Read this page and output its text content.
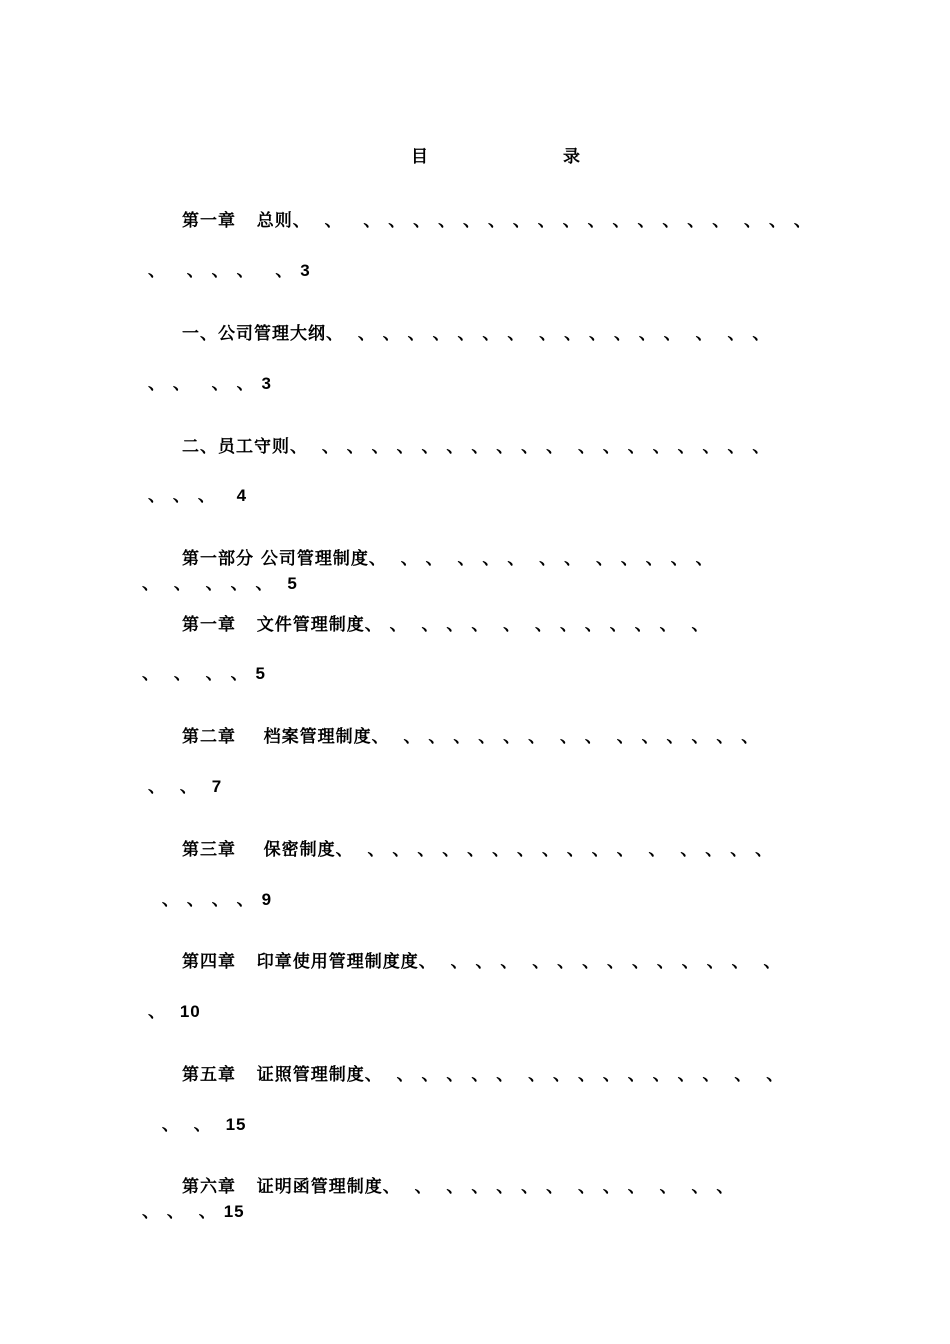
目	录
第一章   总则、  、   、 、 、 、 、 、 、 、 、 、 、 、 、 、 、  、 、 、
、   、 、 、   、 3
一、公司管理大纲、  、 、 、 、 、 、 、  、 、 、 、 、 、  、  、 、
、 、   、 、 3
二、员工守则、  、 、 、 、 、 、 、 、 、 、  、 、 、 、 、 、 、 、
、 、 、   4
第一部分 公司管理制度、  、 、  、 、 、  、 、  、 、 、 、 、
、  、  、 、 、  5
第一章   文件管理制度、 、  、 、 、  、  、 、 、 、 、 、  、
、  、  、 、 5
第二章    档案管理制度、  、 、 、 、 、 、  、 、  、 、 、 、 、 、
、  、  7
第三章    保密制度、  、 、 、 、 、 、 、 、 、 、 、  、  、 、 、 、
、 、 、 、 9
第四章   印章使用管理制度度、  、 、 、  、 、 、 、 、 、 、 、 、  、
、  10
第五章   证照管理制度、  、 、 、 、 、  、 、 、 、 、 、 、 、  、  、
、  、  15
第六章   证明函管理制度、  、  、 、 、 、 、  、 、 、  、  、 、
、 、  、 15
